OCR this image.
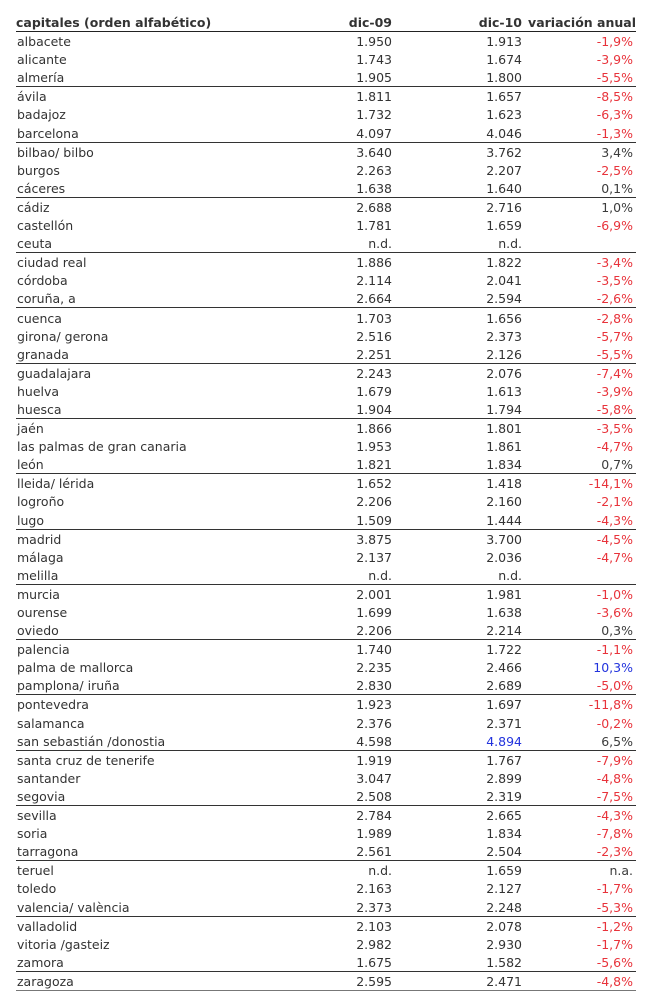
capitales (orden alfabético)	dic-09	dic-10	variación anual
albacete	1.950	1.913	-1,9%
alicante	1.743	1.674	-3,9%
almería	1.905	1.800	-5,5%
ávila	1.811	1.657	-8,5%
badajoz	1.732	1.623	-6,3%
barcelona	4.097	4.046	-1,3%
bilbao/ bilbo	3.640	3.762	3,4%
burgos	2.263	2.207	-2,5%
cáceres	1.638	1.640	0,1%
cádiz	2.688	2.716	1,0%
castellón	1.781	1.659	-6,9%
ceuta	n.d.	n.d.	
ciudad real	1.886	1.822	-3,4%
córdoba	2.114	2.041	-3,5%
coruña, a	2.664	2.594	-2,6%
cuenca	1.703	1.656	-2,8%
girona/ gerona	2.516	2.373	-5,7%
granada	2.251	2.126	-5,5%
guadalajara	2.243	2.076	-7,4%
huelva	1.679	1.613	-3,9%
huesca	1.904	1.794	-5,8%
jaén	1.866	1.801	-3,5%
las palmas de gran canaria	1.953	1.861	-4,7%
león	1.821	1.834	0,7%
lleida/ lérida	1.652	1.418	-14,1%
logroño	2.206	2.160	-2,1%
lugo	1.509	1.444	-4,3%
madrid	3.875	3.700	-4,5%
málaga	2.137	2.036	-4,7%
melilla	n.d.	n.d.	
murcia	2.001	1.981	-1,0%
ourense	1.699	1.638	-3,6%
oviedo	2.206	2.214	0,3%
palencia	1.740	1.722	-1,1%
palma de mallorca	2.235	2.466	10,3%
pamplona/ iruña	2.830	2.689	-5,0%
pontevedra	1.923	1.697	-11,8%
salamanca	2.376	2.371	-0,2%
san sebastián /donostia	4.598	4.894	6,5%
santa cruz de tenerife	1.919	1.767	-7,9%
santander	3.047	2.899	-4,8%
segovia	2.508	2.319	-7,5%
sevilla	2.784	2.665	-4,3%
soria	1.989	1.834	-7,8%
tarragona	2.561	2.504	-2,3%
teruel	n.d.	1.659	n.a.
toledo	2.163	2.127	-1,7%
valencia/ valència	2.373	2.248	-5,3%
valladolid	2.103	2.078	-1,2%
vitoria /gasteiz	2.982	2.930	-1,7%
zamora	1.675	1.582	-5,6%
zaragoza	2.595	2.471	-4,8%
